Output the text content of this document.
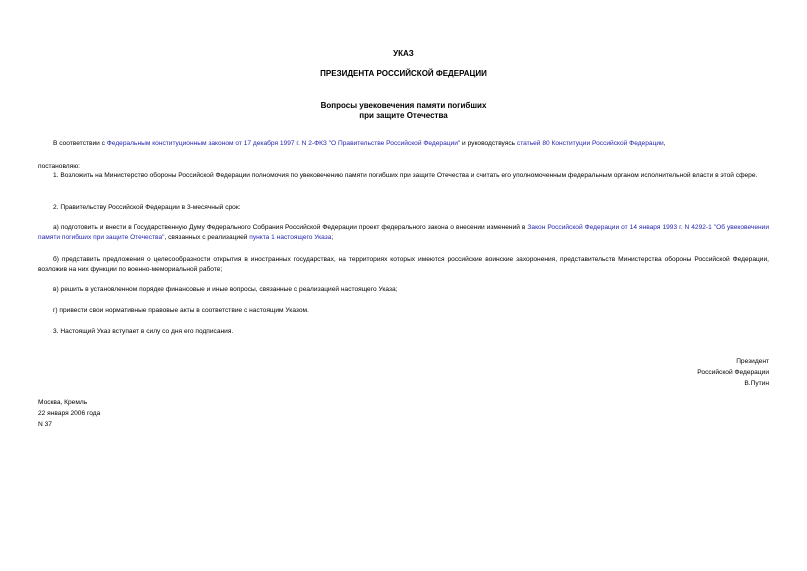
УКАЗ
ПРЕЗИДЕНТА РОССИЙСКОЙ ФЕДЕРАЦИИ
Вопросы увековечения памяти погибших
при защите Отечества
В соответствии с Федеральным конституционным законом от 17 декабря 1997 г. N 2-ФКЗ "О Правительстве Российской Федерации" и руководствуясь статьей 80 Конституции Российской Федерации,
постановляю:
1. Возложить на Министерство обороны Российской Федерации полномочия по увековечению памяти погибших при защите Отечества и считать его уполномоченным федеральным органом исполнительной власти в этой сфере.
2. Правительству Российской Федерации в 3-месячный срок:
а) подготовить и внести в Государственную Думу Федерального Собрания Российской Федерации проект федерального закона о внесении изменений в Закон Российской Федерации от 14 января 1993 г. N 4292-1 "Об увековечении памяти погибших при защите Отечества", связанных с реализацией пункта 1 настоящего Указа;
б) представить предложения о целесообразности открытия в иностранных государствах, на территориях которых имеются российские воинские захоронения, представительств Министерства обороны Российской Федерации, возложив на них функции по военно-мемориальной работе;
в) решить в установленном порядке финансовые и иные вопросы, связанные с реализацией настоящего Указа;
г) привести свои нормативные правовые акты в соответствие с настоящим Указом.
3. Настоящий Указ вступает в силу со дня его подписания.
Президент
Российской Федерации
В.Путин
Москва, Кремль
22 января 2006 года
N 37
